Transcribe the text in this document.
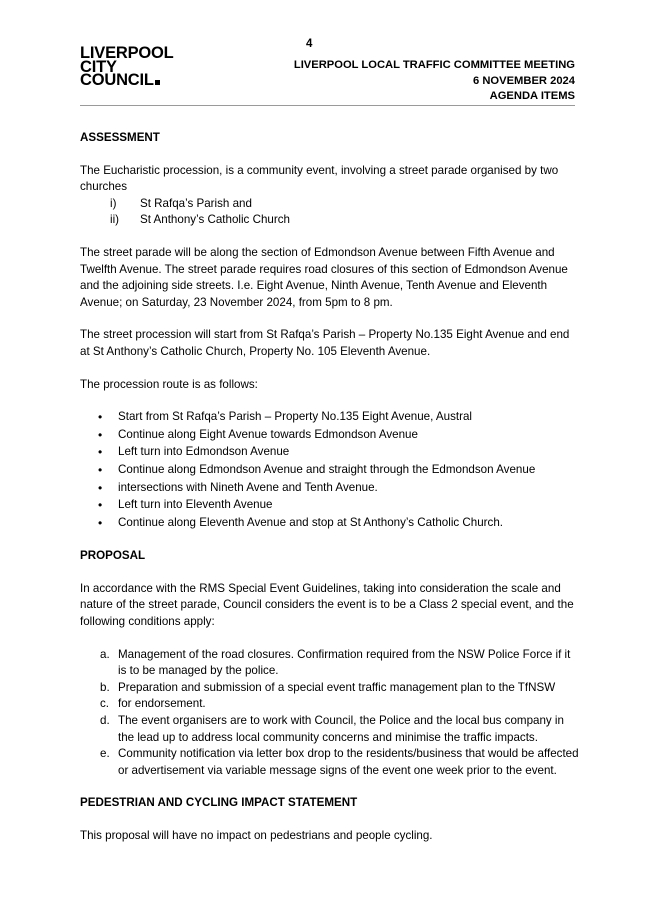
LIVERPOOL
CITY
COUNCIL
4
LIVERPOOL LOCAL TRAFFIC COMMITTEE MEETING
6 NOVEMBER 2024
AGENDA ITEMS
ASSESSMENT

The Eucharistic procession, is a community event, involving a street parade organised by two churches

i)	St Rafqa’s Parish and
ii)	St Anthony’s Catholic Church

The street parade will be along the section of Edmondson Avenue between Fifth Avenue and Twelfth Avenue. The street parade requires road closures of this section of Edmondson Avenue and the adjoining side streets. I.e. Eight Avenue, Ninth Avenue, Tenth Avenue and Eleventh Avenue; on Saturday, 23 November 2024, from 5pm to 8 pm.

The street procession will start from St Rafqa’s Parish – Property No.135 Eight Avenue and end at St Anthony’s Catholic Church, Property No. 105 Eleventh Avenue.

The procession route is as follows:

•	Start from St Rafqa’s Parish – Property No.135 Eight Avenue, Austral
•	Continue along Eight Avenue towards Edmondson Avenue
•	Left turn into Edmondson Avenue
•	Continue along Edmondson Avenue and straight through the Edmondson Avenue
•	intersections with Nineth Avene and Tenth Avenue.
•	Left turn into Eleventh Avenue
•	Continue along Eleventh Avenue and stop at St Anthony’s Catholic Church.
PROPOSAL

In accordance with the RMS Special Event Guidelines, taking into consideration the scale and nature of the street parade, Council considers the event is to be a Class 2 special event, and the following conditions apply:

a. Management of the road closures. Confirmation required from the NSW Police Force if it is to be managed by the police.
b. Preparation and submission of a special event traffic management plan to the TfNSW
c. for endorsement.
d. The event organisers are to work with Council, the Police and the local bus company in the lead up to address local community concerns and minimise the traffic impacts.
e. Community notification via letter box drop to the residents/business that would be affected or advertisement via variable message signs of the event one week prior to the event.
PEDESTRIAN AND CYCLING IMPACT STATEMENT

This proposal will have no impact on pedestrians and people cycling.
